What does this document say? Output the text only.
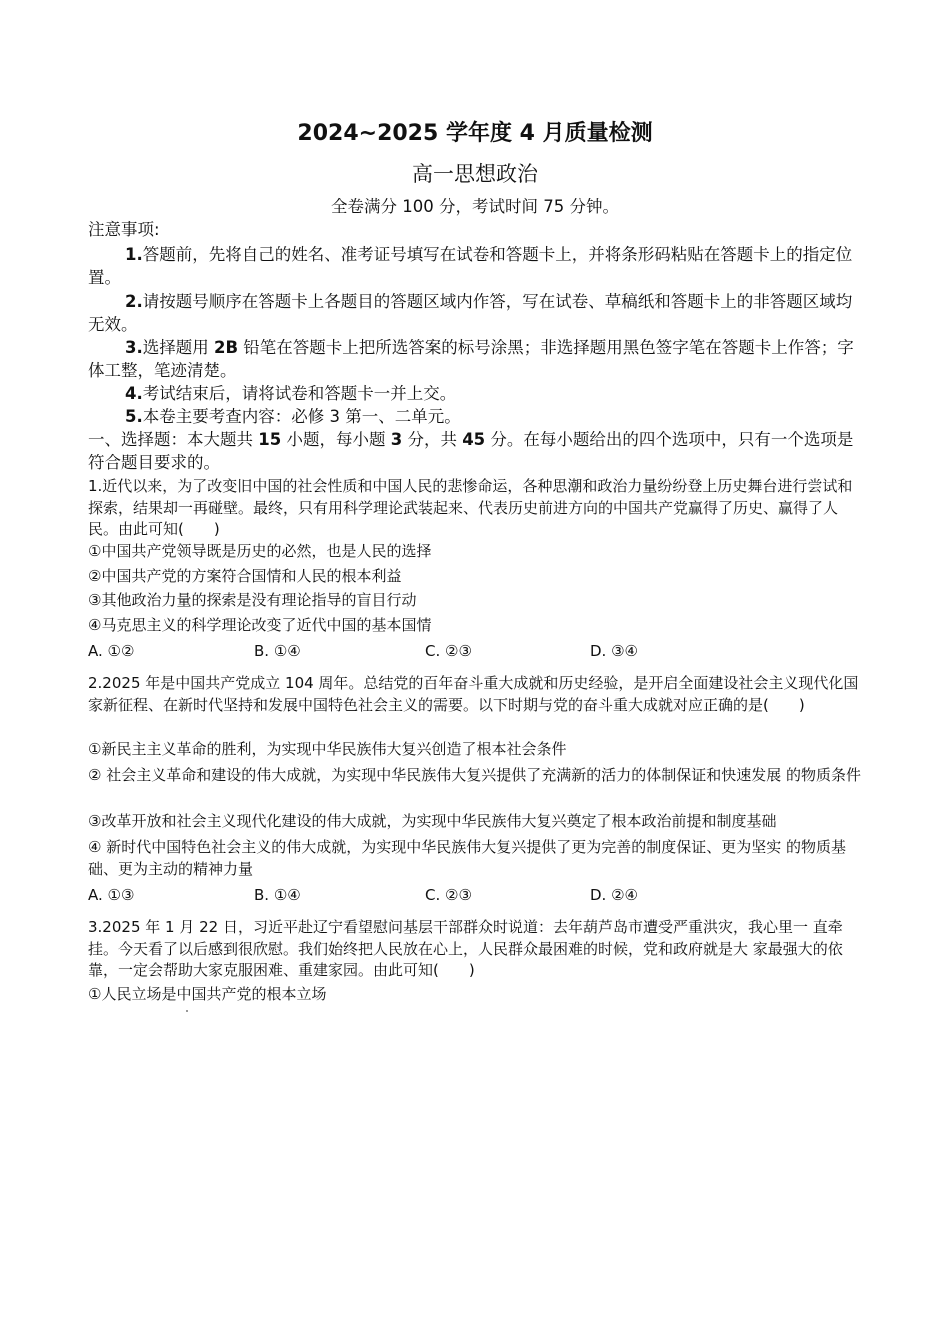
2024~2025 学年度 4 月质量检测
高一思想政治
全卷满分 100 分，考试时间 75 分钟。
注意事项:
1.答题前，先将自己的姓名、准考证号填写在试卷和答题卡上，并将条形码粘贴在答题卡上的指定位置。
2.请按题号顺序在答题卡上各题目的答题区域内作答，写在试卷、草稿纸和答题卡上的非答题区域均无效。
3.选择题用 2B 铅笔在答题卡上把所选答案的标号涂黑；非选择题用黑色签字笔在答题卡上作答；字体工整，笔迹清楚。
4.考试结束后，请将试卷和答题卡一并上交。
5.本卷主要考查内容：必修 3 第一、二单元。
一、选择题：本大题共 15 小题，每小题 3 分，共 45 分。在每小题给出的四个选项中，只有一个选项是符合题目要求的。
1.近代以来，为了改变旧中国的社会性质和中国人民的悲惨命运，各种思潮和政治力量纷纷登上历史舞台进行尝试和探索，结果却一再碰壁。最终，只有用科学理论武装起来、代表历史前进方向的中国共产党赢得了历史、赢得了人民。由此可知(　　)
①中国共产党领导既是历史的必然，也是人民的选择
②中国共产党的方案符合国情和人民的根本利益
③其他政治力量的探索是没有理论指导的盲目行动
④马克思主义的科学理论改变了近代中国的基本国情
A. ①②	B. ①④	C. ②③	D. ③④
2.2025 年是中国共产党成立 104 周年。总结党的百年奋斗重大成就和历史经验，是开启全面建设社会主义现代化国家新征程、在新时代坚持和发展中国特色社会主义的需要。以下时期与党的奋斗重大成就对应正确的是(　　)
①新民主主义革命的胜利，为实现中华民族伟大复兴创造了根本社会条件
② 社会主义革命和建设的伟大成就，为实现中华民族伟大复兴提供了充满新的活力的体制保证和快速发展 的物质条件
③改革开放和社会主义现代化建设的伟大成就，为实现中华民族伟大复兴奠定了根本政治前提和制度基础
④ 新时代中国特色社会主义的伟大成就，为实现中华民族伟大复兴提供了更为完善的制度保证、更为坚实 的物质基础、更为主动的精神力量
A. ①③	B. ①④	C. ②③	D. ②④
3.2025 年 1 月 22 日，习近平赴辽宁看望慰问基层干部群众时说道：去年葫芦岛市遭受严重洪灾，我心里一 直牵挂。今天看了以后感到很欣慰。我们始终把人民放在心上，人民群众最困难的时候，党和政府就是大 家最强大的依靠，一定会帮助大家克服困难、重建家园。由此可知(　　)
①人民立场是中国共产党的根本立场
